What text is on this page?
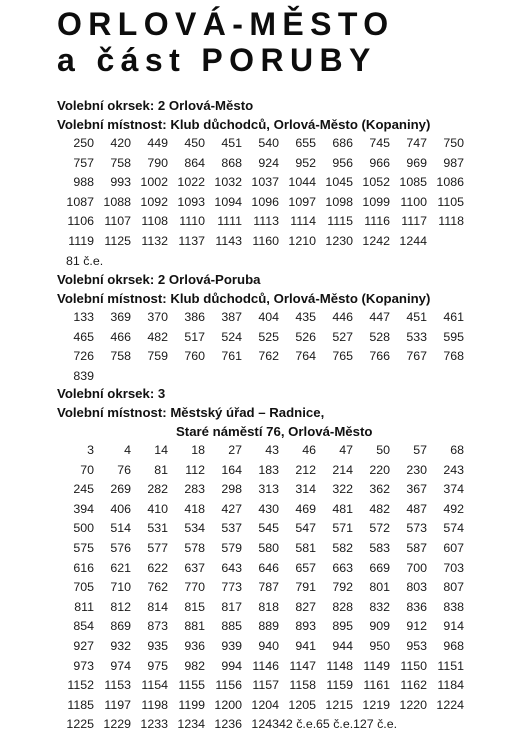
ORLOVÁ-MĚSTO
a část PORUBY
Volební okrsek: 2 Orlová-Město
Volební místnost: Klub důchodců, Orlová-Město (Kopaniny)
250	420	449	450	451	540	655	686	745	747	750
757	758	790	864	868	924	952	956	966	969	987
988	993 1002 1022 1032 1037 1044 1045 1052 1085 1086
1087 1088 1092 1093 1094 1096 1097 1098 1099 1100 1105
1106 1107 1108 1110 1111 1113 1114 1115 1116 1117 1118
1119 1125 1132 1137 1143 1160 1210 1230 1242 1244
81 č.e.
Volební okrsek: 2 Orlová-Poruba
Volební místnost: Klub důchodců, Orlová-Město (Kopaniny)
133	369	370	386	387	404	435	446	447	451	461
465	466	482	517	524	525	526	527	528	533	595
726	758	759	760	761	762	764	765	766	767	768
839
Volební okrsek: 3
Volební místnost: Městský úřad – Radnice,
Staré náměstí 76, Orlová-Město
3	4	14	18	27	43	46	47	50	57	68
70	76	81	112	164	183	212	214	220	230	243
245	269	282	283	298	313	314	322	362	367	374
394	406	410	418	427	430	469	481	482	487	492
500	514	531	534	537	545	547	571	572	573	574
575	576	577	578	579	580	581	582	583	587	607
616	621	622	637	643	646	657	663	669	700	703
705	710	762	770	773	787	791	792	801	803	807
811	812	814	815	817	818	827	828	832	836	838
854	869	873	881	885	889	893	895	909	912	914
927	932	935	936	939	940	941	944	950	953	968
973	974	975	982	994 1146 1147 1148 1149 1150 1151
1152 1153 1154 1155 1156 1157 1158 1159 1161 1162 1184
1185 1197 1198 1199 1200 1204 1205 1215 1219 1220 1224
1225 1229 1233 1234 1236 1243 42 č.e. 65 č.e. 127 č.e.
